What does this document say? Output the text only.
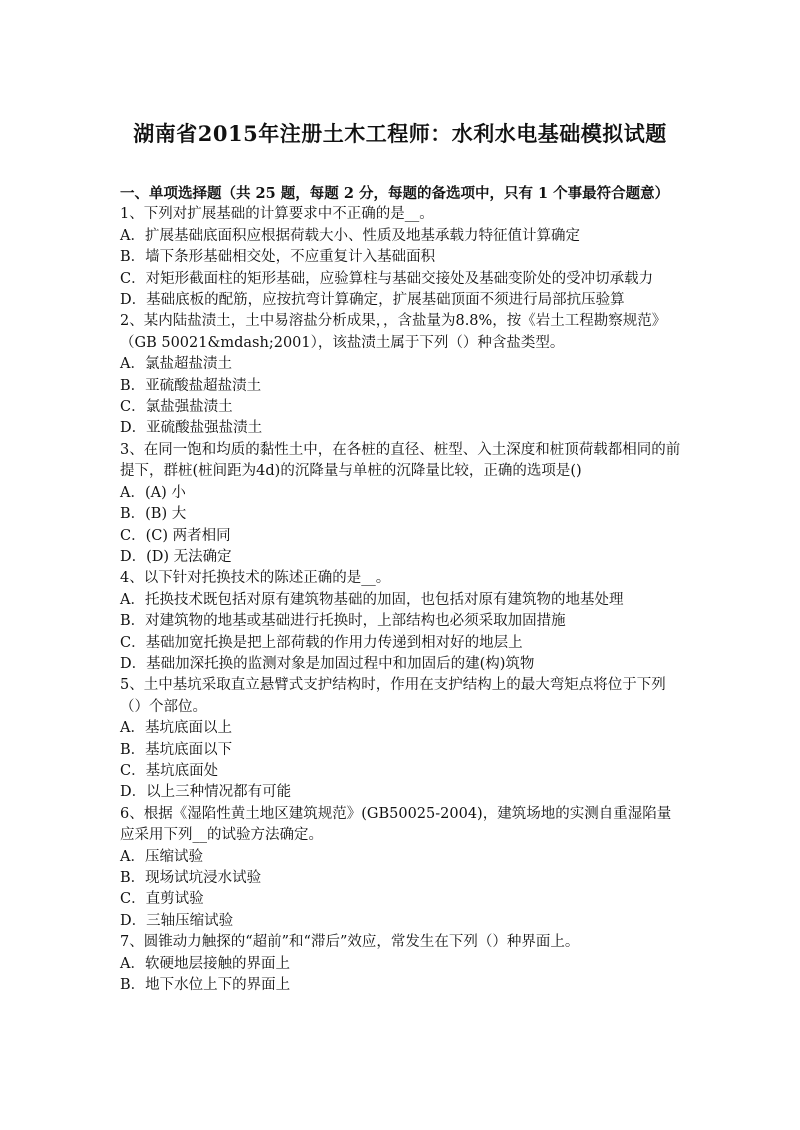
湖南省2015年注册土木工程师：水利水电基础模拟试题
一、单项选择题（共 25 题，每题 2 分，每题的备选项中，只有 1 个事最符合题意）
1、下列对扩展基础的计算要求中不正确的是__。
A．扩展基础底面积应根据荷载大小、性质及地基承载力特征值计算确定
B．墙下条形基础相交处，不应重复计入基础面积
C．对矩形截面柱的矩形基础，应验算柱与基础交接处及基础变阶处的受冲切承载力
D．基础底板的配筋，应按抗弯计算确定，扩展基础顶面不须进行局部抗压验算
2、某内陆盐渍土，土中易溶盐分析成果，，含盐量为8.8%，按《岩土工程勘察规范》（GB 50021&mdash;2001），该盐渍土属于下列（）种含盐类型。
A．氯盐超盐渍土
B．亚硫酸盐超盐渍土
C．氯盐强盐渍土
D．亚硫酸盐强盐渍土
3、在同一饱和均质的黏性土中，在各桩的直径、桩型、入土深度和桩顶荷载都相同的前提下，群桩(桩间距为4d)的沉降量与单桩的沉降量比较，正确的选项是()
A．(A) 小
B．(B) 大
C．(C) 两者相同
D．(D) 无法确定
4、以下针对托换技术的陈述正确的是__。
A．托换技术既包括对原有建筑物基础的加固，也包括对原有建筑物的地基处理
B．对建筑物的地基或基础进行托换时，上部结构也必须采取加固措施
C．基础加宽托换是把上部荷载的作用力传递到相对好的地层上
D．基础加深托换的监测对象是加固过程中和加固后的建(构)筑物
5、土中基坑采取直立悬臂式支护结构时，作用在支护结构上的最大弯矩点将位于下列（）个部位。
A．基坑底面以上
B．基坑底面以下
C．基坑底面处
D．以上三种情况都有可能
6、根据《湿陷性黄土地区建筑规范》(GB50025-2004)，建筑场地的实测自重湿陷量应采用下列__的试验方法确定。
A．压缩试验
B．现场试坑浸水试验
C．直剪试验
D．三轴压缩试验
7、圆锥动力触探的“超前”和“滞后”效应，常发生在下列（）种界面上。
A．软硬地层接触的界面上
B．地下水位上下的界面上
